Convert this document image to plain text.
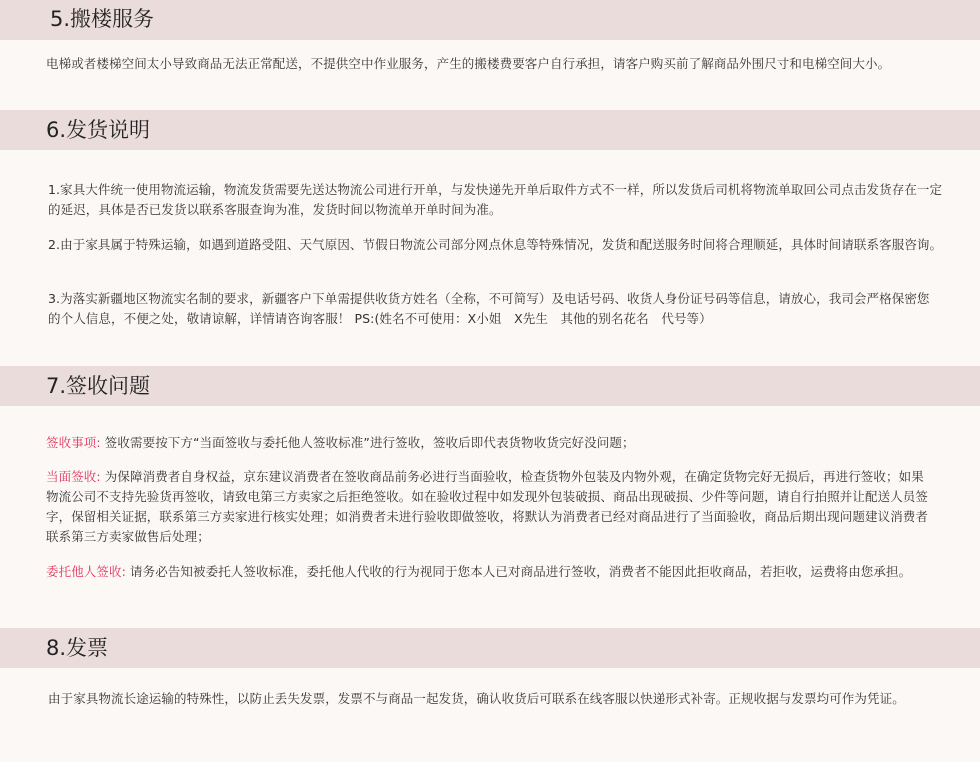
5.搬楼服务

电梯或者楼梯空间太小导致商品无法正常配送，不提供空中作业服务，产生的搬楼费要客户自行承担，请客户购买前了解商品外围尺寸和电梯空间大小。

6.发货说明

1.家具大件统一使用物流运输，物流发货需要先送达物流公司进行开单，与发快递先开单后取件方式不一样，所以发货后司机将物流单取回公司点击发货存在一定的延迟，具体是否已发货以联系客服查询为准，发货时间以物流单开单时间为准。

2.由于家具属于特殊运输，如遇到道路受阻、天气原因、节假日物流公司部分网点休息等特殊情况，发货和配送服务时间将合理顺延，具体时间请联系客服咨询。

3.为落实新疆地区物流实名制的要求，新疆客户下单需提供收货方姓名（全称，不可简写）及电话号码、收货人身份证号码等信息，请放心，我司会严格保密您的个人信息，不便之处，敬请谅解，详情请咨询客服！ PS:(姓名不可使用：X小姐　X先生　其他的别名花名　代号等）

7.签收问题

签收事项: 签收需要按下方“当面签收与委托他人签收标准”进行签收，签收后即代表货物收货完好没问题；

当面签收: 为保障消费者自身权益，京东建议消费者在签收商品前务必进行当面验收，检查货物外包装及内物外观，在确定货物完好无损后，再进行签收；如果物流公司不支持先验货再签收，请致电第三方卖家之后拒绝签收。如在验收过程中如发现外包装破损、商品出现破损、少件等问题，请自行拍照并让配送人员签字，保留相关证据，联系第三方卖家进行核实处理；如消费者未进行验收即做签收，将默认为消费者已经对商品进行了当面验收，商品后期出现问题建议消费者联系第三方卖家做售后处理；

委托他人签收: 请务必告知被委托人签收标准，委托他人代收的行为视同于您本人已对商品进行签收，消费者不能因此拒收商品，若拒收，运费将由您承担。

8.发票

由于家具物流长途运输的特殊性，以防止丢失发票，发票不与商品一起发货，确认收货后可联系在线客服以快递形式补寄。正规收据与发票均可作为凭证。
